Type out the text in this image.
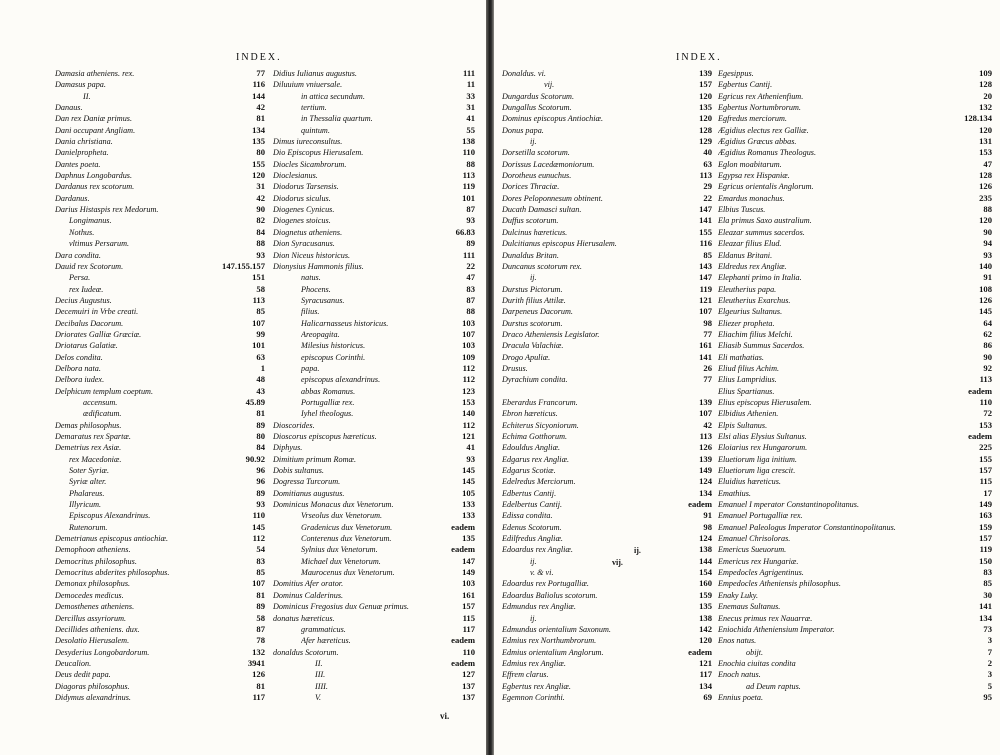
INDEX.
Damasia atheniens. rex.	77
Damasus papa.	116
II.	144
Danaus.	42
Dan rex Daniæ primus.	81
Dani occupant Angliam.	134
Dania christiana.	135
Danielpropheta.	80
Dantes poeta.	155
Daphnus Longobardus.	120
Dardanus rex scotorum.	31
Dardanus.	42
Darius Histaspis rex Medorum.	90
Longimanus.	82
Nothus.	84
vltimus Persarum.	88
Dara condita.	93
Dauid rex Scotorum.	147.155.157
Persa.	151
rex Iudeæ.	58
Decius Augustus.	113
Decemuiri in Vrbe creati.	85
Decibalus Dacorum.	107
Driorates Galliæ Græciæ.	99
Driotarus Galatiæ.	101
Delos condita.	63
Delbora nata.	1
Delbora iudex.	48
Delphicum templum coeptum.	43
accensum.	45.89
ædificatum.	81
Demas philosophus.	89
Demaratus rex Spartæ.	80
Demetrius rex Asiæ.	84
rex Macedoniæ.	90.92
Soter Syriæ.	96
Syriæ alter.	96
Phalareus.	89
Illyricum.	93
Episcopus Alexandrinus.	110
Rutenorum.	145
Demetrianus episcopus antiochiæ.	112
Demophoon atheniens.	54
Democritus philosophus.	83
Democritus abderites philosophus.	85
Demonax philosophus.	107
Democedes medicus.	81
Demosthenes atheniens.	89
Dercillus assyriorum.	58
Decillides atheniens. dux.	87
Desolatio Hierusalem.	78
Desyderius Longobardorum.	132
Deucalion.	3941
Deus dedit papa.	126
Diagoras philosophus.	81
Didymus alexandrinus.	117
Didius Iulianus augustus.	111
Diluuium vniuersale.	11
in attica secundum.	33
tertium.	31
in Thessalia quartum.	41
quintum.	55
Dimus iureconsultus.	138
Dio Episcopus Hierusalem.	110
Diocles Sicambrorum.	88
Dioclesianus.	113
Diodorus Tarsensis.	119
Diodorus siculus.	101
Diogenes Cynicus.	87
Diogenes stoicus.	93
Diognetus atheniens.	66.83
Dion Syracusanus.	89
Dion Niceus historicus.	111
Dionysius Hammonis filius.	22
natus.	47
Phocens.	83
Syracusanus.	87
filius.	88
Halicarnasseus historicus.	103
Areopagita.	107
Milesius historicus.	103
episcopus Corinthi.	109
papa.	112
episcopus alexandrinus.	112
abbas Romanus.	123
Portugalliæ rex.	153
Iyhel theologus.	140
Dioscorides.	112
Dioscorus episcopus hæreticus.	121
Diphyus.	41
Dimitium primum Romæ.	93
Dobis sultanus.	145
Dogressa Turcorum.	145
Domitianus augustus.	105
Dominicus Monacus dux Venetorum.	133
Vrseolus dux Venetorum.	133
Gradenicus dux Venetorum.	eadem
Conterenus dux Venetorum.	135
Sylnius dux Venetorum.	eadem
Michael dux Venetorum.	147
Maurocenus dux Venetorum.	149
Domitius Afer orator.	103
Dominus Calderinus.	161
Dominicus Fregosius dux Genuæ primus.	157
donatus hæreticus.	115
grammaticus.	117
Afer hæreticus.	eadem
donaldus Scotorum.	110
II.	eadem
III.	127
IIII.	137
V.	137
vi.
INDEX.
Donaldus. vi.	139
vij.	157
Dungardus Scotorum.	120
Dungallus Scotorum.	135
Dominus episcopus Antiochiæ.	120
Donus papa.	128
ij.	129
Dorsetilla scotorum.	40
Dorissus Lacedæmoniorum.	63
Dorotheus eunuchus.	113
Dorices Thraciæ.	29
Dores Peloponnesum obtinent.	22
Ducath Damasci sultan.	147
Duffus scotorum.	141
Dulcinus hæreticus.	155
Dulcitianus episcopus Hierusalem.	116
Dunaldus Britan.	85
Duncanus scotorum rex.	143
ij.	147
Durstus Pictorum.	119
Durith filius Attilæ.	121
Darpeneus Dacorum.	107
Durstus scotorum.	98
Draco Atheniensis Legislator.	77
Dracula Valachiæ.	161
Drogo Apuliæ.	141
Drusus.	26
Dyrachium condita.	77
Eberardus Francorum.	139
Ebron hæreticus.	107
Echiterus Sicyoniorum.	42
Echima Gotthorum.	113
Edouldus Angliæ.	126
Edgarus rex Angliæ.	139
Edgarus Scotiæ.	149
Edelredus Merciorum.	124
Edbertus Cantij.	134
Edelbertus Cantij.	eadem
Edissa condita.	91
Edenus Scotorum.	98
Edilfredus Angliæ.	124
Edoardus rex Angliæ.	138
ij.	144
v. & vi.	154
Edoardus rex Portugalliæ.	160
Edoardus Baliolus scotorum.	159
Edmundus rex Angliæ.	135
ij.	138
Edmundus orientalium Saxonum.	142
Edmius rex Northumbrorum.	120
Edmius orientalium Anglorum.	eadem
Edmius rex Angliæ.	121
Effrem clarus.	117
Egbertus rex Angliæ.	134
Egemnon Corinthi.	69
Egesippus.	109
Egbertus Cantij.	128
Egricus rex Athenienfium.	20
Egbertus Nortumbrorum.	132
Egfredus merciorum.	128.134
Ægidius electus rex Galliæ.	120
Ægidius Græcus abbas.	131
Ægidius Romanus Theologus.	153
Eglon moabitarum.	47
Egypsa rex Hispaniæ.	128
Egricus orientalis Anglorum.	126
Emardus monachus.	235
Elbius Tuscus.	88
Ela primus Saxo australium.	120
Eleazar summus sacerdos.	90
Eleazar filius Elud.	94
Eldanus Britani.	93
Eldredus rex Angliæ.	140
Elephanti primo in Italia.	91
Eleutherius papa.	108
Eleutherius Exarchus.	126
Elgeurius Sultanus.	145
Eliezer propheta.	64
Eliachim filius Melchi.	62
Eliasib Summus Sacerdos.	86
Eli mathatias.	90
Eliud filius Achim.	92
Elius Lampridius.	113
Elius Spartianus.	eadem
Elius episcopus Hierusalem.	110
Elbidius Athenien.	72
Elpis Sultanus.	153
Elsi alias Elysius Sultanus.	eadem
Eloiarius rex Hungarorum.	225
Eluetiorum liga initium.	155
Eluetiorum liga crescit.	157
Eluidius hæreticus.	115
Emathius.	17
Emanuel I mperator Constantinopolitanus.	149
Emanuel Portugalliæ rex.	163
Emanuel Paleologus Imperator Constantinopolitanus.	159
Emanuel Chrisoloras.	157
Emericus Sueuorum.	119
Emericus rex Hungariæ.	150
Empedocles Agrigentinus.	83
Empedocles Atheniensis philosophus.	85
Enaky Luky.	30
Enemaus Sultanus.	141
Enecus primus rex Nauarræ.	134
Eniochida Atheniensium Imperator.	73
Enos natus.	3
obijt.	7
Enochia ciuitas condita	2
Enoch natus.	3
ad Deum raptus.	5
Ennius poeta.	95
vij.
ij.
